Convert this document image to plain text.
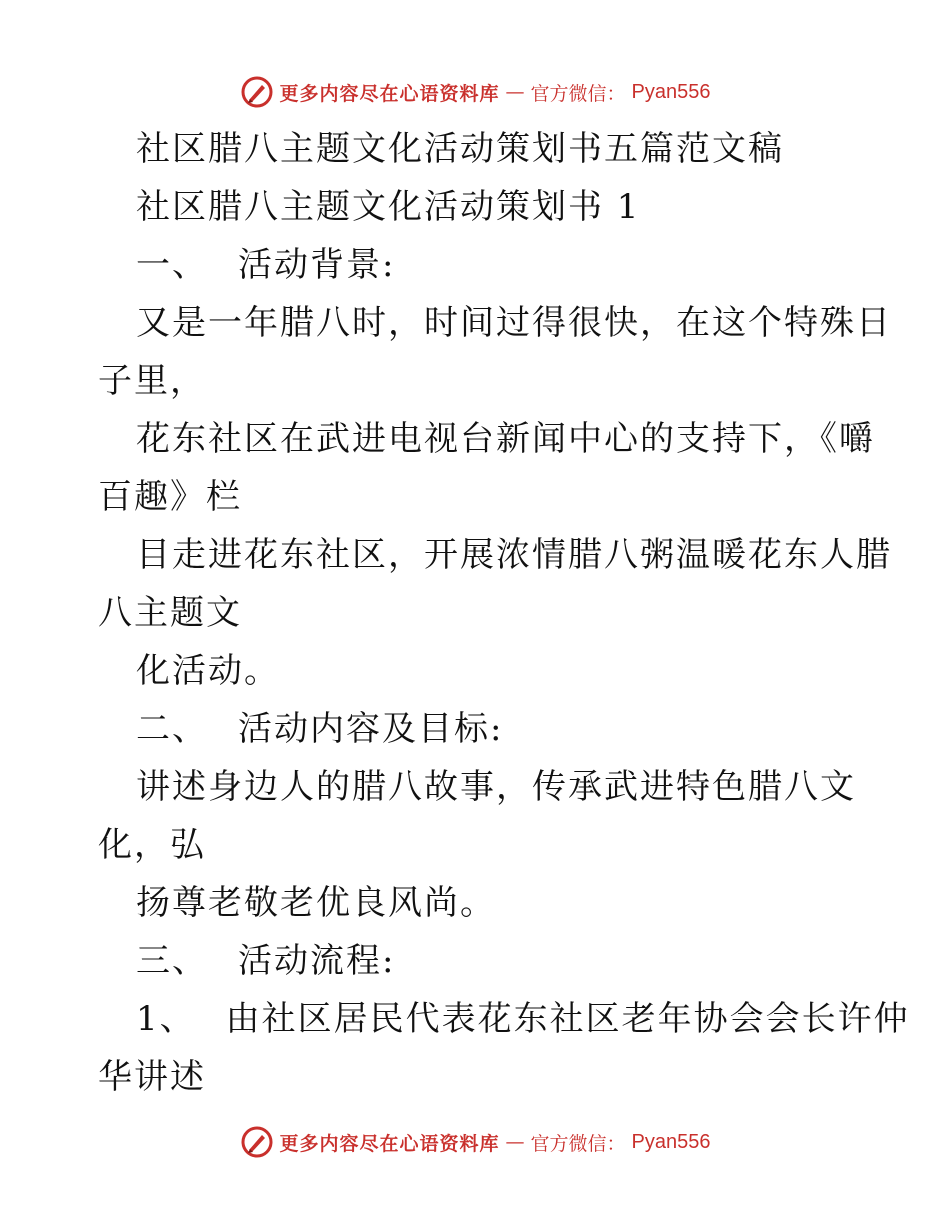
更多内容尽在心语资料库 — 官方微信： Pyan556
社区腊八主题文化活动策划书五篇范文稿
社区腊八主题文化活动策划书 1
一、 活动背景:
又是一年腊八时，时间过得很快，在这个特殊日
子里，
花东社区在武进电视台新闻中心的支持下，《嚼
百趣》栏
目走进花东社区，开展浓情腊八粥温暖花东人腊
八主题文
化活动。
二、 活动内容及目标:
讲述身边人的腊八故事，传承武进特色腊八文
化，弘
扬尊老敬老优良风尚。
三、 活动流程:
1、 由社区居民代表花东社区老年协会会长许仲
华讲述
更多内容尽在心语资料库 — 官方微信： Pyan556
